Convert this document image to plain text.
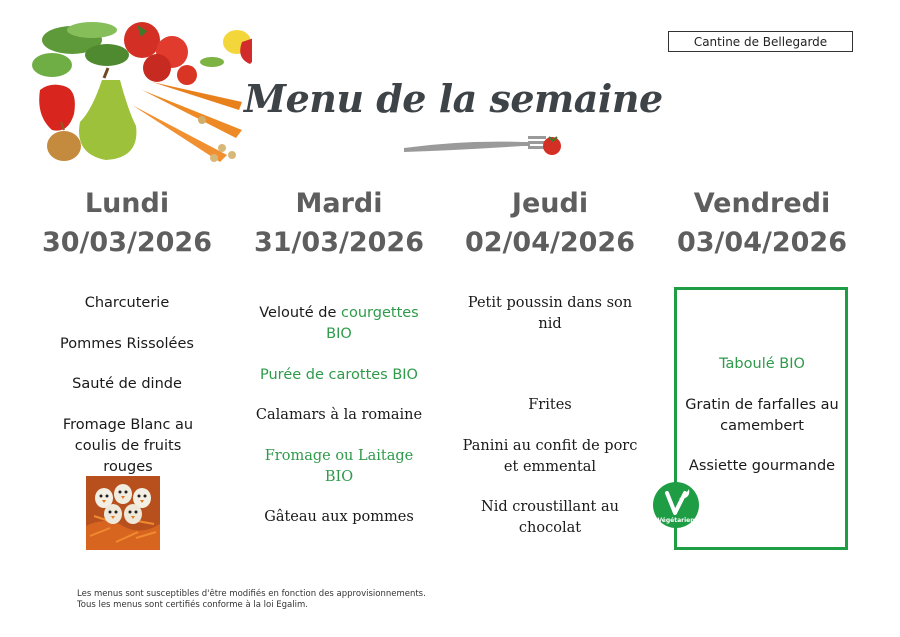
Menu de la semaine
Cantine de Bellegarde
Lundi
30/03/2026
Mardi
31/03/2026
Jeudi
02/04/2026
Vendredi
03/04/2026

Charcuterie

Pommes Rissolées

Sauté de dinde

Fromage Blanc au coulis de fruits rouges

Velouté de courgettes BIO

Purée de carottes BIO

Calamars à la romaine

Fromage ou Laitage BIO

Gâteau aux pommes

Petit poussin dans son nid

Frites

Panini au confit de porc et emmental

Nid croustillant au chocolat

Taboulé BIO

Gratin de farfalles au camembert

Assiette gourmande

Végétarien
Les menus sont susceptibles d'être modifiés en fonction des approvisionnements.
Tous les menus sont certifiés conforme à la loi Egalim.
